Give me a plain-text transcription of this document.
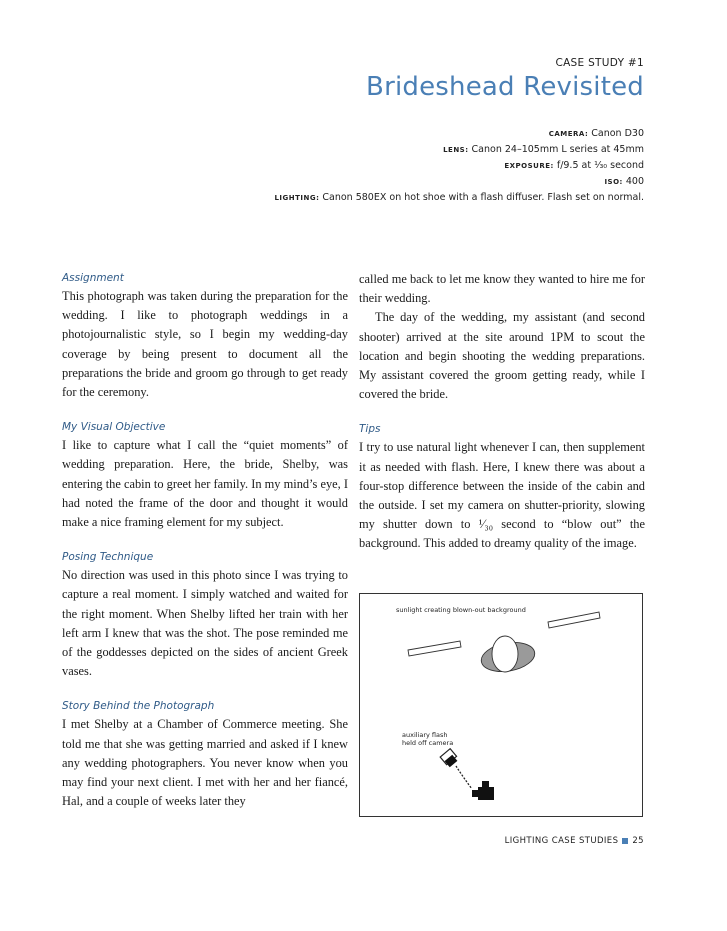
CASE STUDY #1
Brideshead Revisited
CAMERA: Canon D30
LENS: Canon 24–105mm L series at 45mm
EXPOSURE: f/9.5 at ¹⁄₃₀ second
ISO: 400
LIGHTING: Canon 580EX on hot shoe with a flash diffuser. Flash set on normal.

Assignment

This photograph was taken during the preparation for the wedding. I like to photograph weddings in a photojournalistic style, so I begin my wedding-day coverage by being present to document all the preparations the bride and groom go through to get ready for the ceremony.

My Visual Objective

I like to capture what I call the “quiet moments” of wedding preparation. Here, the bride, Shelby, was entering the cabin to greet her family. In my mind’s eye, I had noted the frame of the door and thought it would make a nice framing element for my subject.

Posing Technique

No direction was used in this photo since I was trying to capture a real moment. I simply watched and waited for the right moment. When Shelby lifted her train with her left arm I knew that was the shot. The pose reminded me of the goddesses depicted on the sides of ancient Greek vases.

Story Behind the Photograph

I met Shelby at a Chamber of Commerce meeting. She told me that she was getting married and asked if I knew any wedding photographers. You never know when you may find your next client. I met with her and her fiancé, Hal, and a couple of weeks later they

called me back to let me know they wanted to hire me for their wedding.

The day of the wedding, my assistant (and second shooter) arrived at the site around 1PM to scout the location and begin shooting the wedding preparations. My assistant covered the groom getting ready, while I covered the bride.

Tips

I try to use natural light whenever I can, then supplement it as needed with flash. Here, I knew there was about a four-stop difference between the inside of the cabin and the outside. I set my camera on shutter-priority, slowing my shutter down to ¹⁄₃₀ second to “blow out” the background. This added to dreamy quality of the image.

sunlight creating blown-out background
auxiliary flash
held off camera
LIGHTING CASE STUDIES 25
